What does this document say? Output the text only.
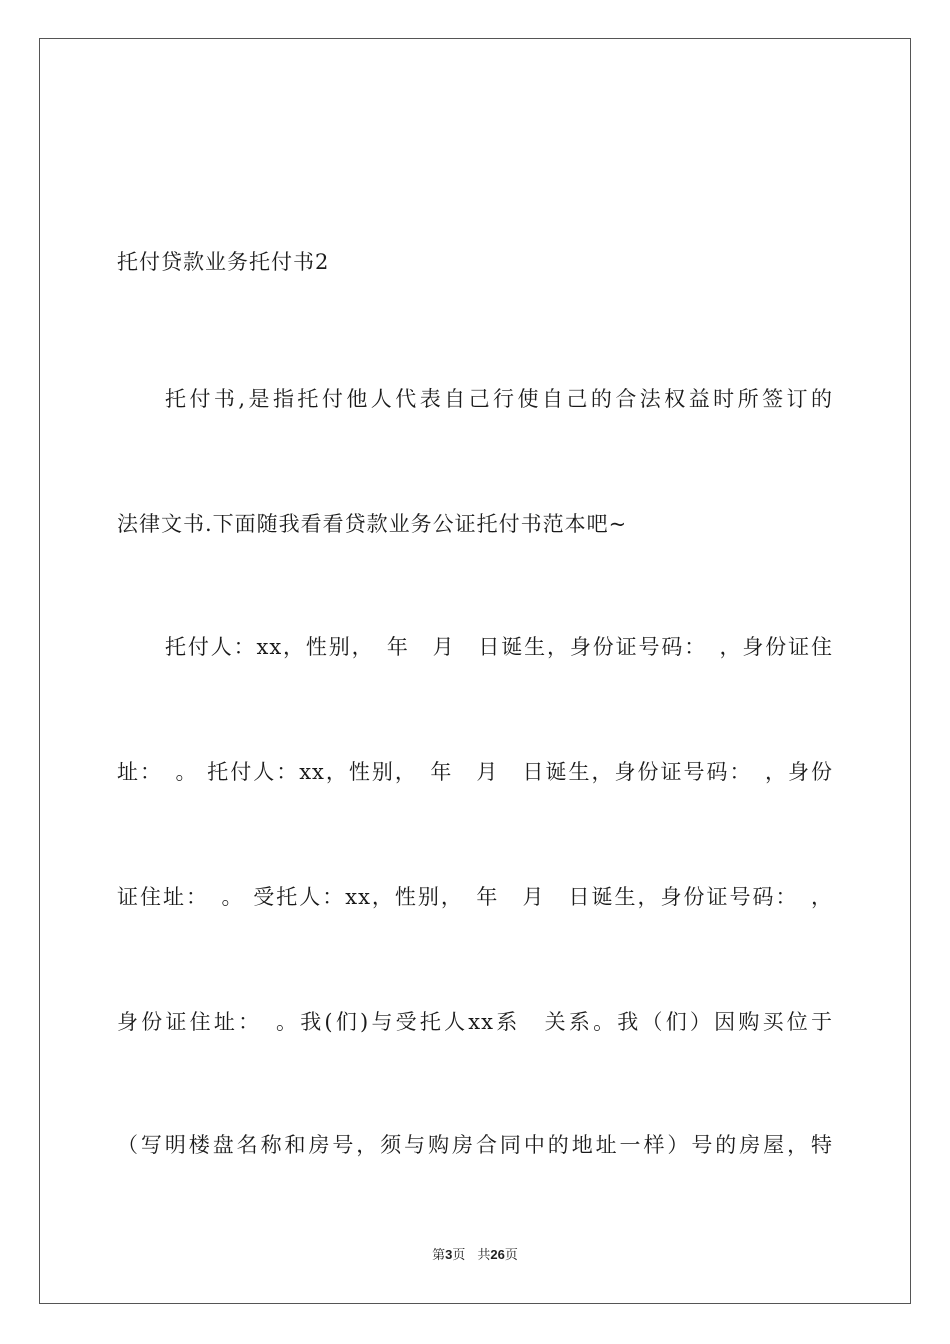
托付贷款业务托付书2
托付书,是指托付他人代表自己行使自己的合法权益时所签订的
法律文书.下面随我看看贷款业务公证托付书范本吧~
托付人：xx，性别，　年　月　日诞生，身份证号码：　，身份证住
址：　。 托付人：xx，性别，　年　月　日诞生，身份证号码：　，身份
证住址：　。 受托人：xx，性别，　年　月　日诞生，身份证号码：　，
身份证住址：　。我(们)与受托人xx系　关系。我（们）因购买位于
（写明楼盘名称和房号，须与购房合同中的地址一样）号的房屋，特
第3页 共26页
